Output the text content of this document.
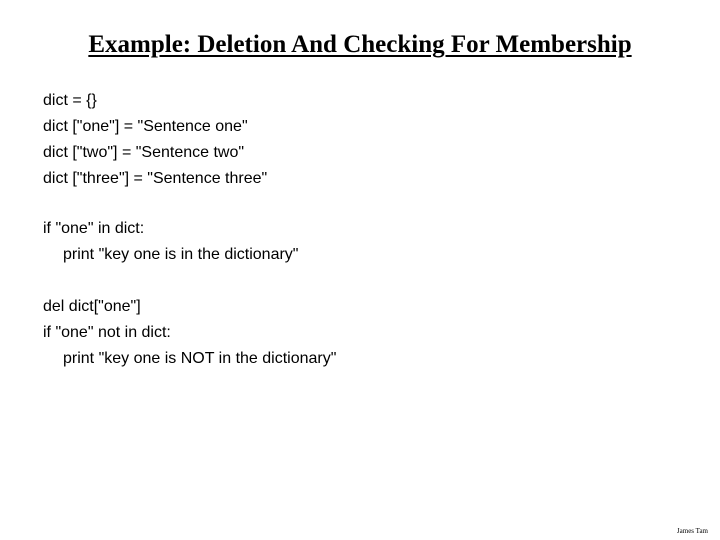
Example: Deletion And Checking For Membership
dict = {}
dict ["one"] = "Sentence one"
dict ["two"] = "Sentence two"
dict ["three"] = "Sentence three"
if "one" in dict:
print "key one is in the dictionary"
del dict["one"]
if "one" not in dict:
print "key one is NOT in the dictionary"
James Tam
